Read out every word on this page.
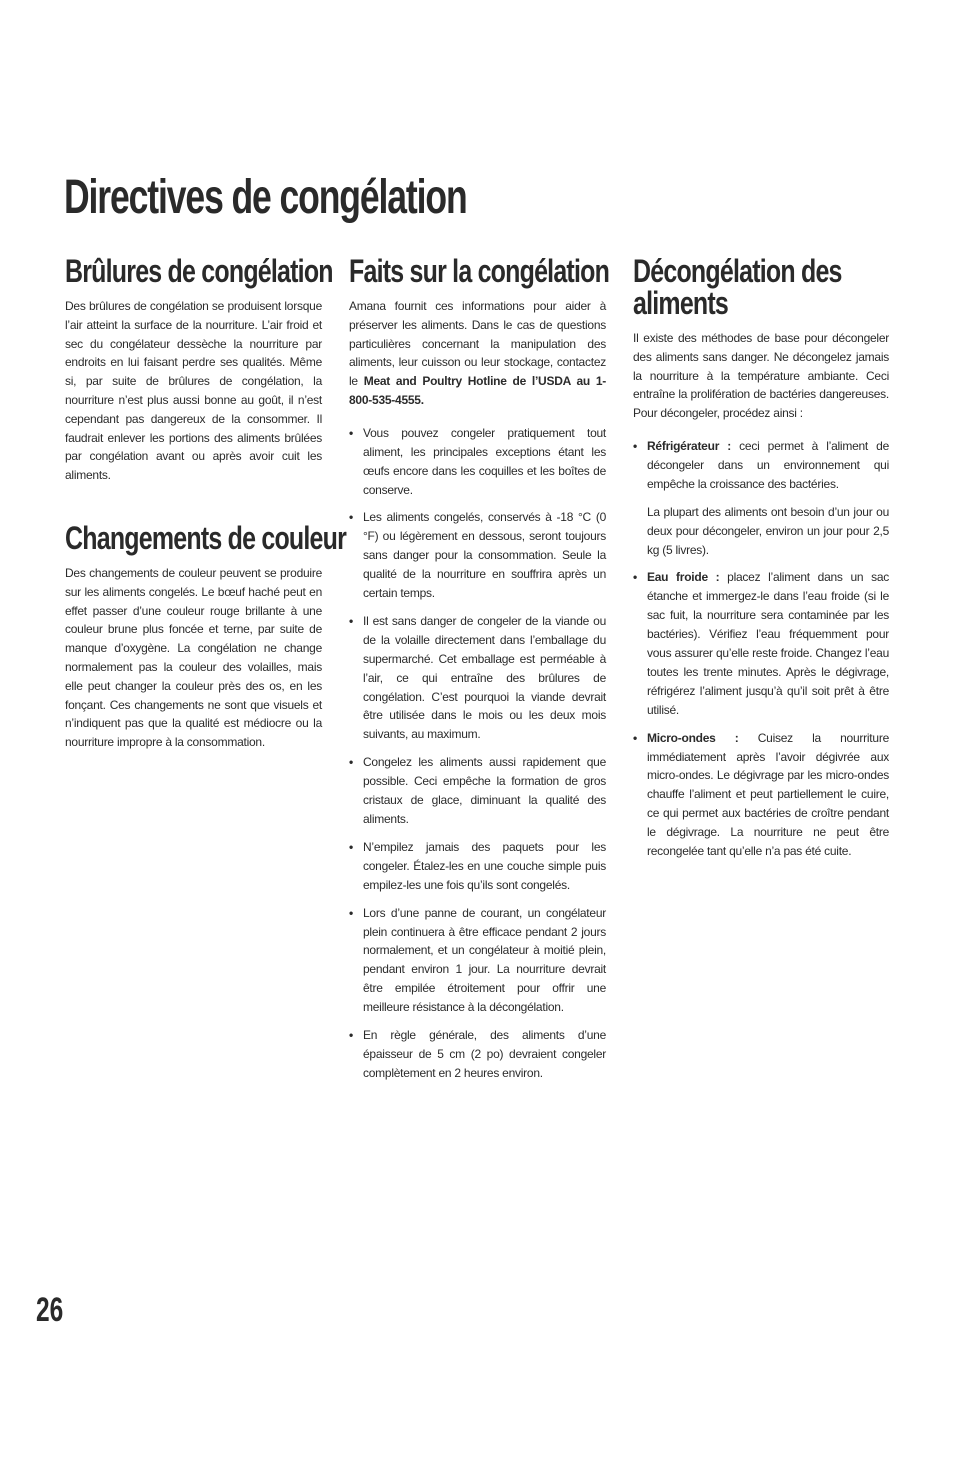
Directives de congélation
Brûlures de congélation

Des brûlures de congélation se produisent lorsque l’air atteint la surface de la nourriture. L’air froid et sec du congélateur dessèche la nourriture par endroits en lui faisant perdre ses qualités. Même si, par suite de brûlures de congélation, la nourriture n’est plus aussi bonne au goût, il n’est cependant pas dangereux de la consommer. Il faudrait enlever les portions des aliments brûlées par congélation avant ou après avoir cuit les aliments.

Changements de couleur

Des changements de couleur peuvent se produire sur les aliments congelés. Le bœuf haché peut en effet passer d’une couleur rouge brillante à une couleur brune plus foncée et terne, par suite de manque d’oxygène. La congélation ne change normalement pas la couleur des volailles, mais elle peut changer la couleur près des os, en les fonçant. Ces changements ne sont que visuels et n’indiquent pas que la qualité est médiocre ou la nourriture impropre à la consommation.

Faits sur la congélation

Amana fournit ces informations pour aider à préserver les aliments. Dans le cas de questions particulières concernant la manipulation des aliments, leur cuisson ou leur stockage, contactez le Meat and Poultry Hotline de l’USDA au 1-800-535-4555.

• Vous pouvez congeler pratiquement tout aliment, les principales exceptions étant les œufs encore dans les coquilles et les boîtes de conserve.
• Les aliments congelés, conservés à -18 °C (0 °F) ou légèrement en dessous, seront toujours sans danger pour la consommation. Seule la qualité de la nourriture en souffrira après un certain temps.
• Il est sans danger de congeler de la viande ou de la volaille directement dans l’emballage du supermarché. Cet emballage est perméable à l’air, ce qui entraîne des brûlures de congélation. C’est pourquoi la viande devrait être utilisée dans le mois ou les deux mois suivants, au maximum.
• Congelez les aliments aussi rapidement que possible. Ceci empêche la formation de gros cristaux de glace, diminuant la qualité des aliments.
• N’empilez jamais des paquets pour les congeler. Étalez-les en une couche simple puis empilez-les une fois qu’ils sont congelés.
• Lors d’une panne de courant, un congélateur plein continuera à être efficace pendant 2 jours normalement, et un congélateur à moitié plein, pendant environ 1 jour. La nourriture devrait être empilée étroitement pour offrir une meilleure résistance à la décongélation.
• En règle générale, des aliments d’une épaisseur de 5 cm (2 po) devraient congeler complètement en 2 heures environ.
Décongélation des aliments

Il existe des méthodes de base pour décongeler des aliments sans danger. Ne décongelez jamais la nourriture à la température ambiante. Ceci entraîne la prolifération de bactéries dangereuses. Pour décongeler, procédez ainsi :

• Réfrigérateur : ceci permet à l’aliment de décongeler dans un environnement qui empêche la croissance des bactéries.
La plupart des aliments ont besoin d’un jour ou deux pour décongeler, environ un jour pour 2,5 kg (5 livres).
• Eau froide : placez l’aliment dans un sac étanche et immergez-le dans l’eau froide (si le sac fuit, la nourriture sera contaminée par les bactéries). Vérifiez l’eau fréquemment pour vous assurer qu’elle reste froide. Changez l’eau toutes les trente minutes. Après le dégivrage, réfrigérez l’aliment jusqu’à qu’il soit prêt à être utilisé.
• Micro-ondes : Cuisez la nourriture immédiatement après l’avoir dégivrée aux micro-ondes. Le dégivrage par les micro-ondes chauffe l’aliment et peut partiellement le cuire, ce qui permet aux bactéries de croître pendant le dégivrage. La nourriture ne peut être recongelée tant qu’elle n’a pas été cuite.
26
